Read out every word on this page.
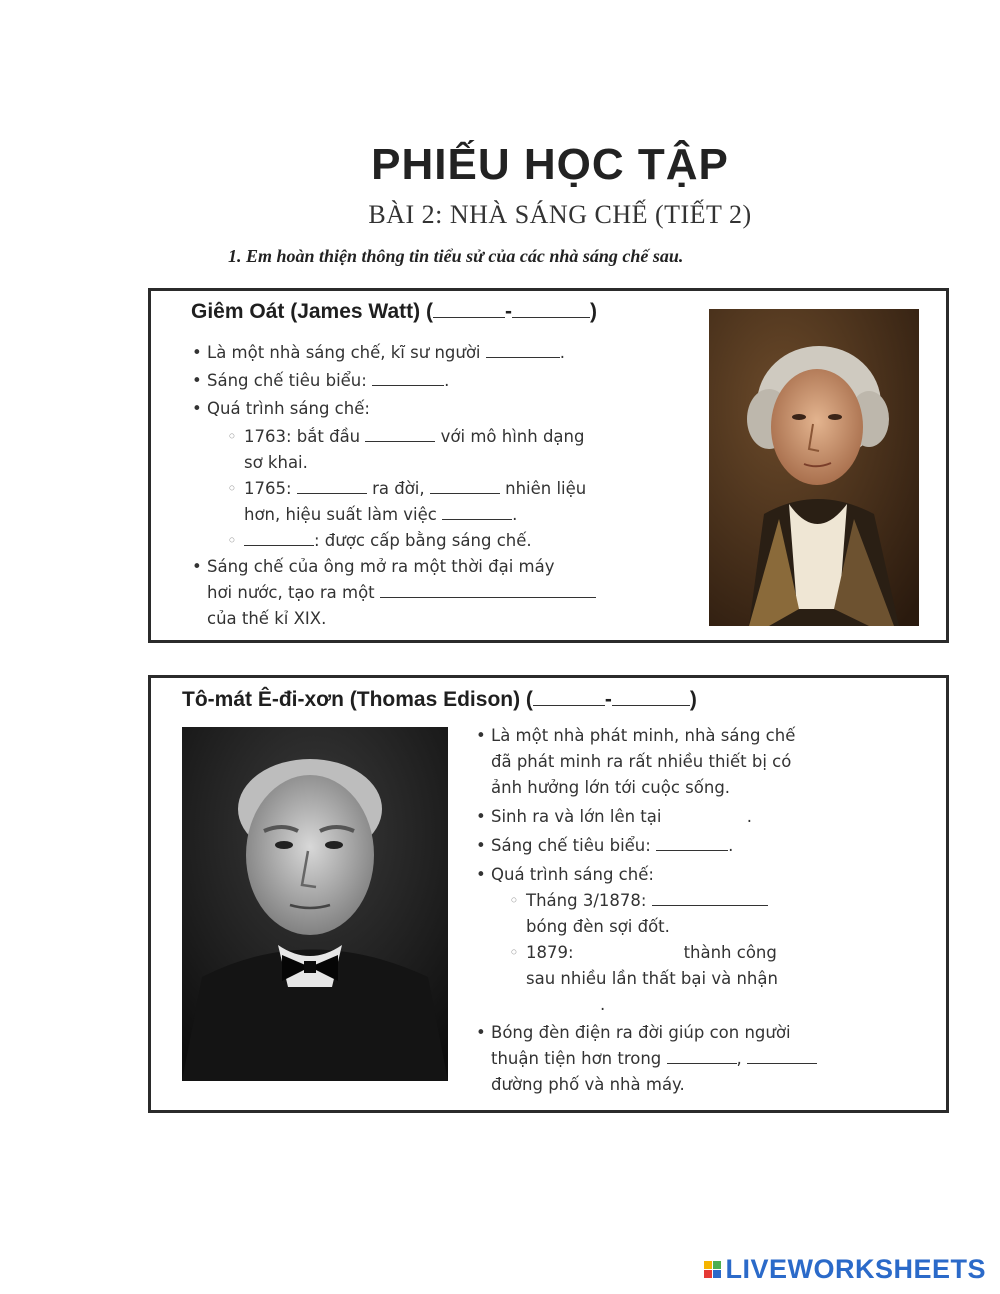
PHIẾU HỌC TẬP
BÀI 2: NHÀ SÁNG CHẾ (TIẾT 2)
1. Em hoàn thiện thông tin tiểu sử của các nhà sáng chế sau.
Giêm Oát (James Watt) (	-	)
• Là một nhà sáng chế, kĩ sư người	.
• Sáng chế tiêu biểu:	.
• Quá trình sáng chế:
◦ 1763: bắt đầu	với mô hình dạng
sơ khai.
◦ 1765:	ra đời,	nhiên liệu
hơn, hiệu suất làm việc	.
◦ : được cấp bằng sáng chế.
• Sáng chế của ông mở ra một thời đại máy
hơi nước, tạo ra một
của thế kỉ XIX.
Tô-mát Ê-đi-xơn (Thomas Edison) (	-	)
• Là một nhà phát minh, nhà sáng chế
đã phát minh ra rất nhiều thiết bị có
ảnh hưởng lớn tới cuộc sống.
• Sinh ra và lớn lên tại	.
• Sáng chế tiêu biểu:	.
• Quá trình sáng chế:
◦ Tháng 3/1878:
bóng đèn sợi đốt.
◦ 1879:	thành công
sau nhiều lần thất bại và nhận
.
• Bóng đèn điện ra đời giúp con người
thuận tiện hơn trong	,
đường phố và nhà máy.
LIVEWORKSHEETS
